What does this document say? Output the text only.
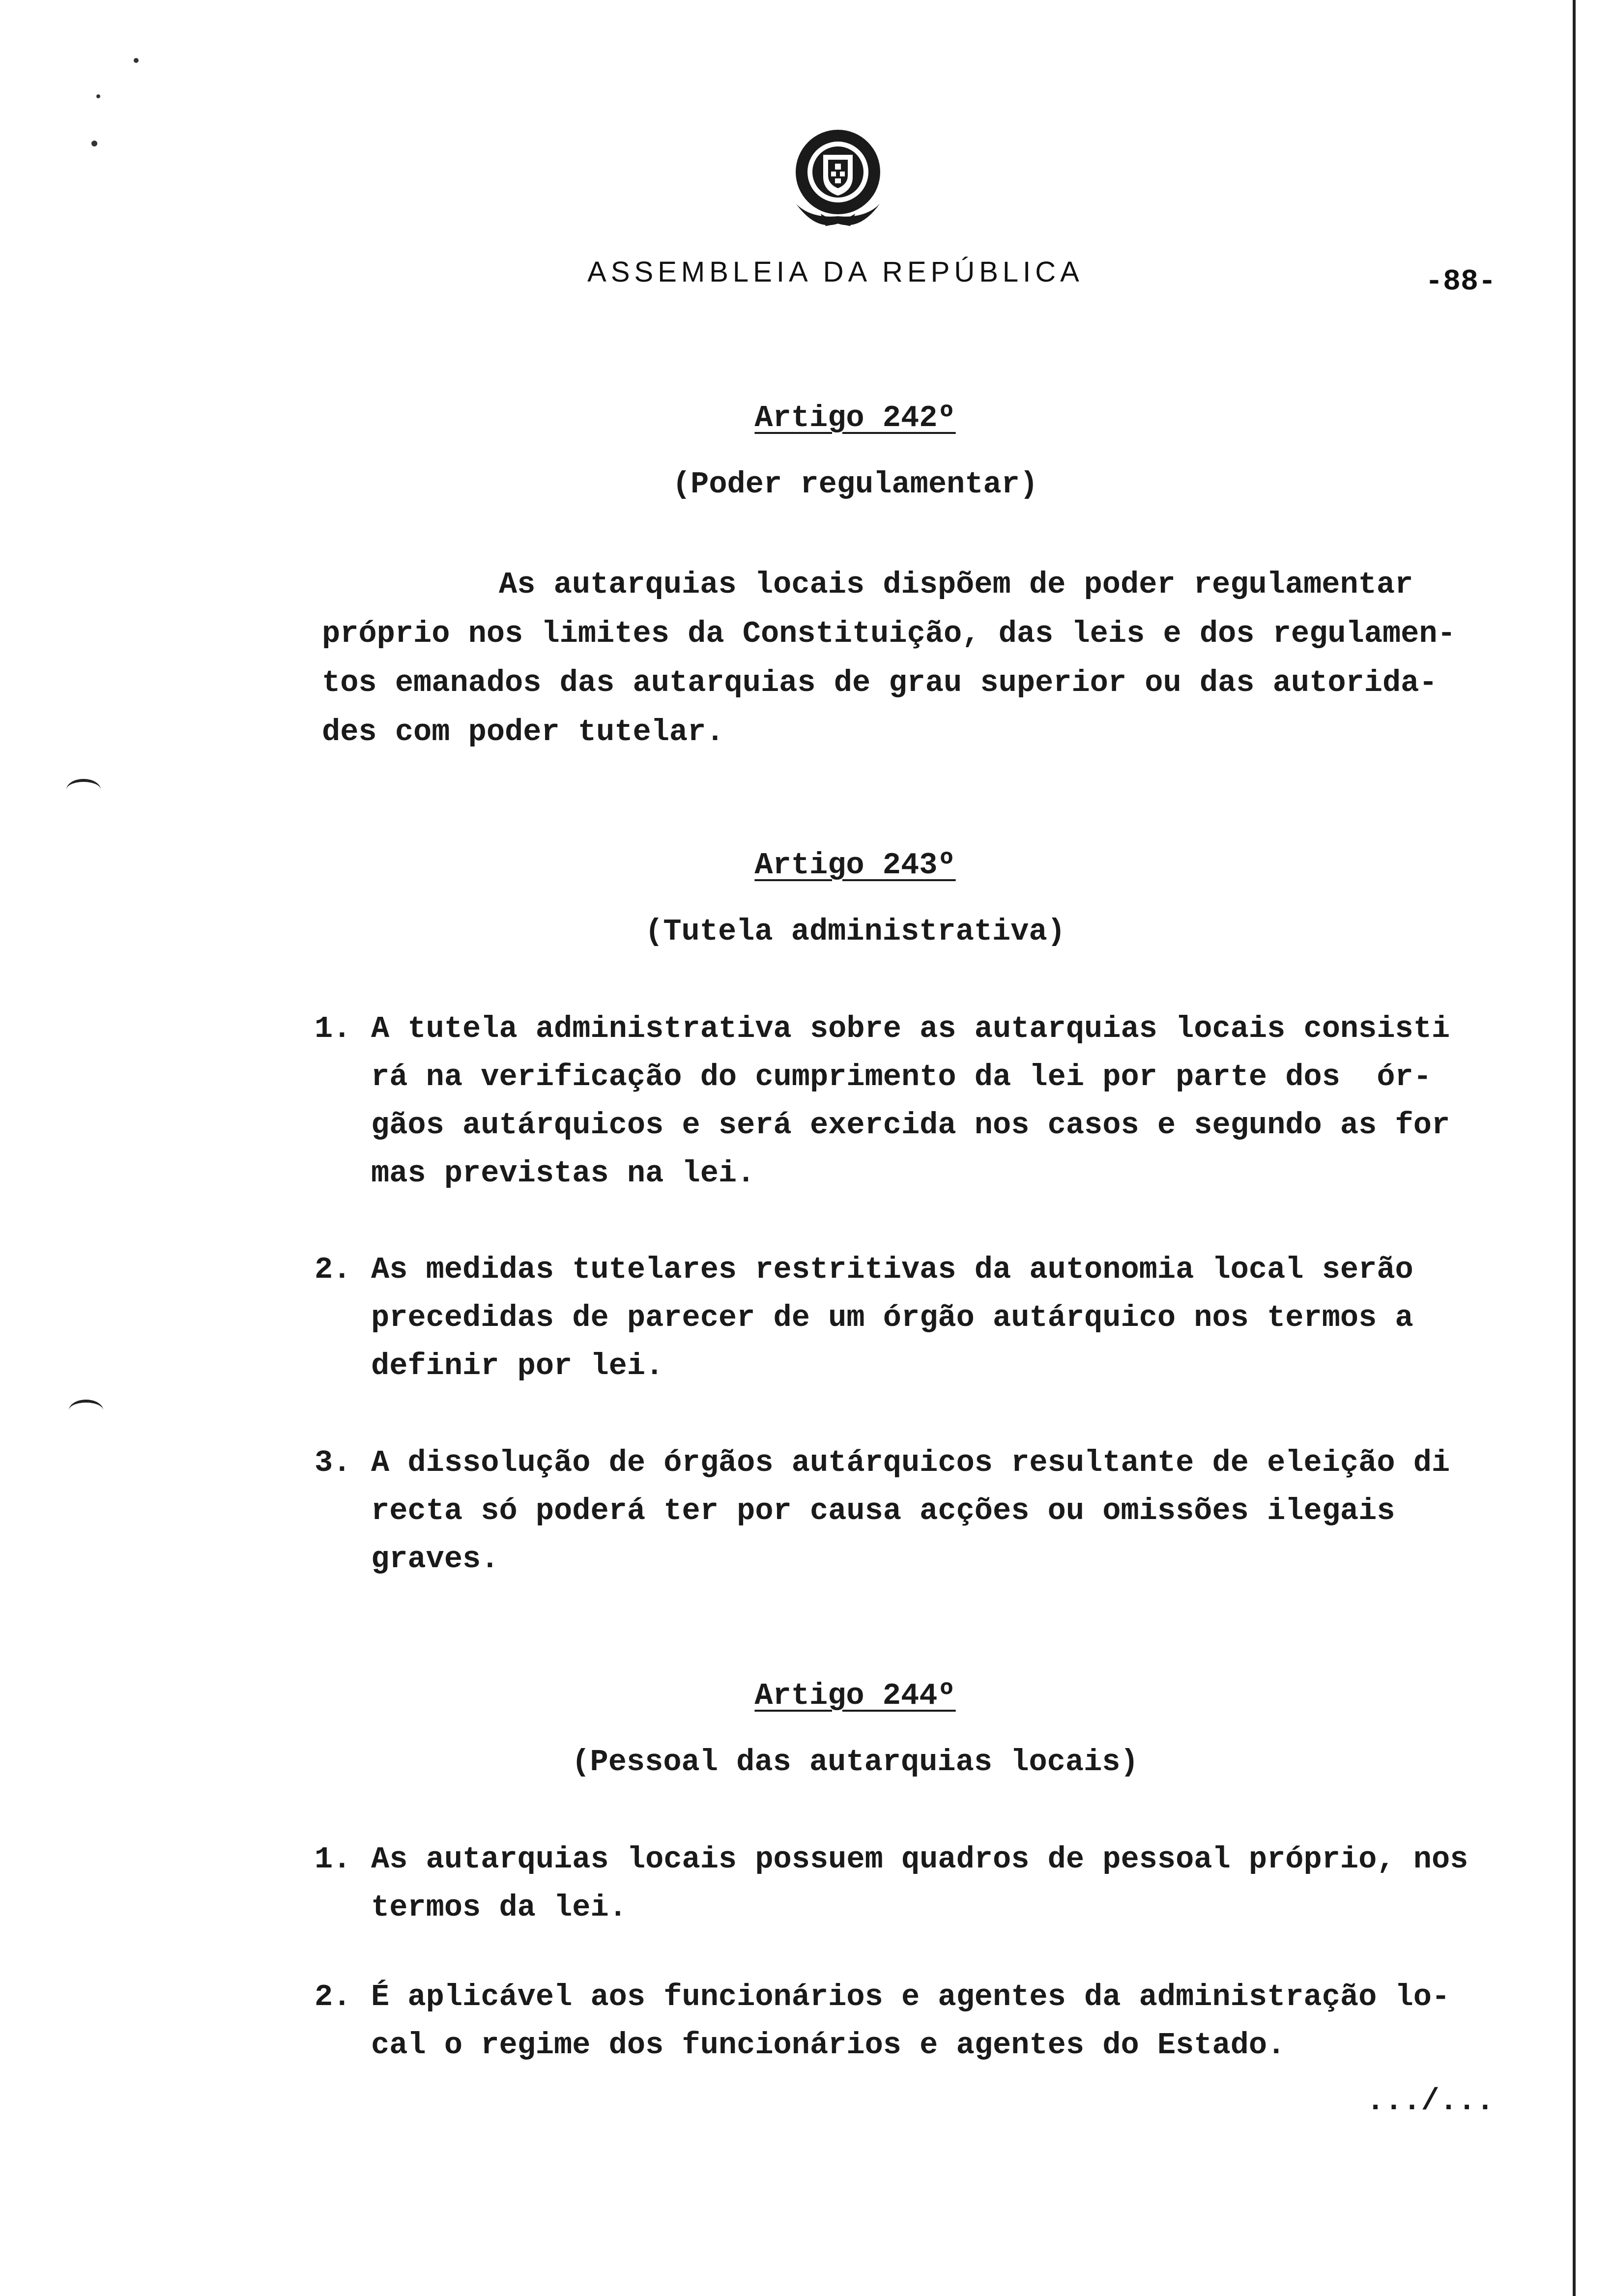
ASSEMBLEIA DA REPÚBLICA	-88-
Artigo 242º
(Poder regulamentar)
As autarquias locais dispõem de poder regulamentar
próprio nos limites da Constituição, das leis e dos regulamen-
tos emanados das autarquias de grau superior ou das autorida-
des com poder tutelar.
Artigo 243º
(Tutela administrativa)
1. A tutela administrativa sobre as autarquias locais consisti
rá na verificação do cumprimento da lei por parte dos  ór-
gãos autárquicos e será exercida nos casos e segundo as for
mas previstas na lei.
2. As medidas tutelares restritivas da autonomia local serão
precedidas de parecer de um órgão autárquico nos termos a
definir por lei.
3. A dissolução de órgãos autárquicos resultante de eleição di
recta só poderá ter por causa acções ou omissões ilegais
graves.
Artigo 244º
(Pessoal das autarquias locais)
1. As autarquias locais possuem quadros de pessoal próprio, nos
termos da lei.
2. É aplicável aos funcionários e agentes da administração lo-
cal o regime dos funcionários e agentes do Estado.
.../...
